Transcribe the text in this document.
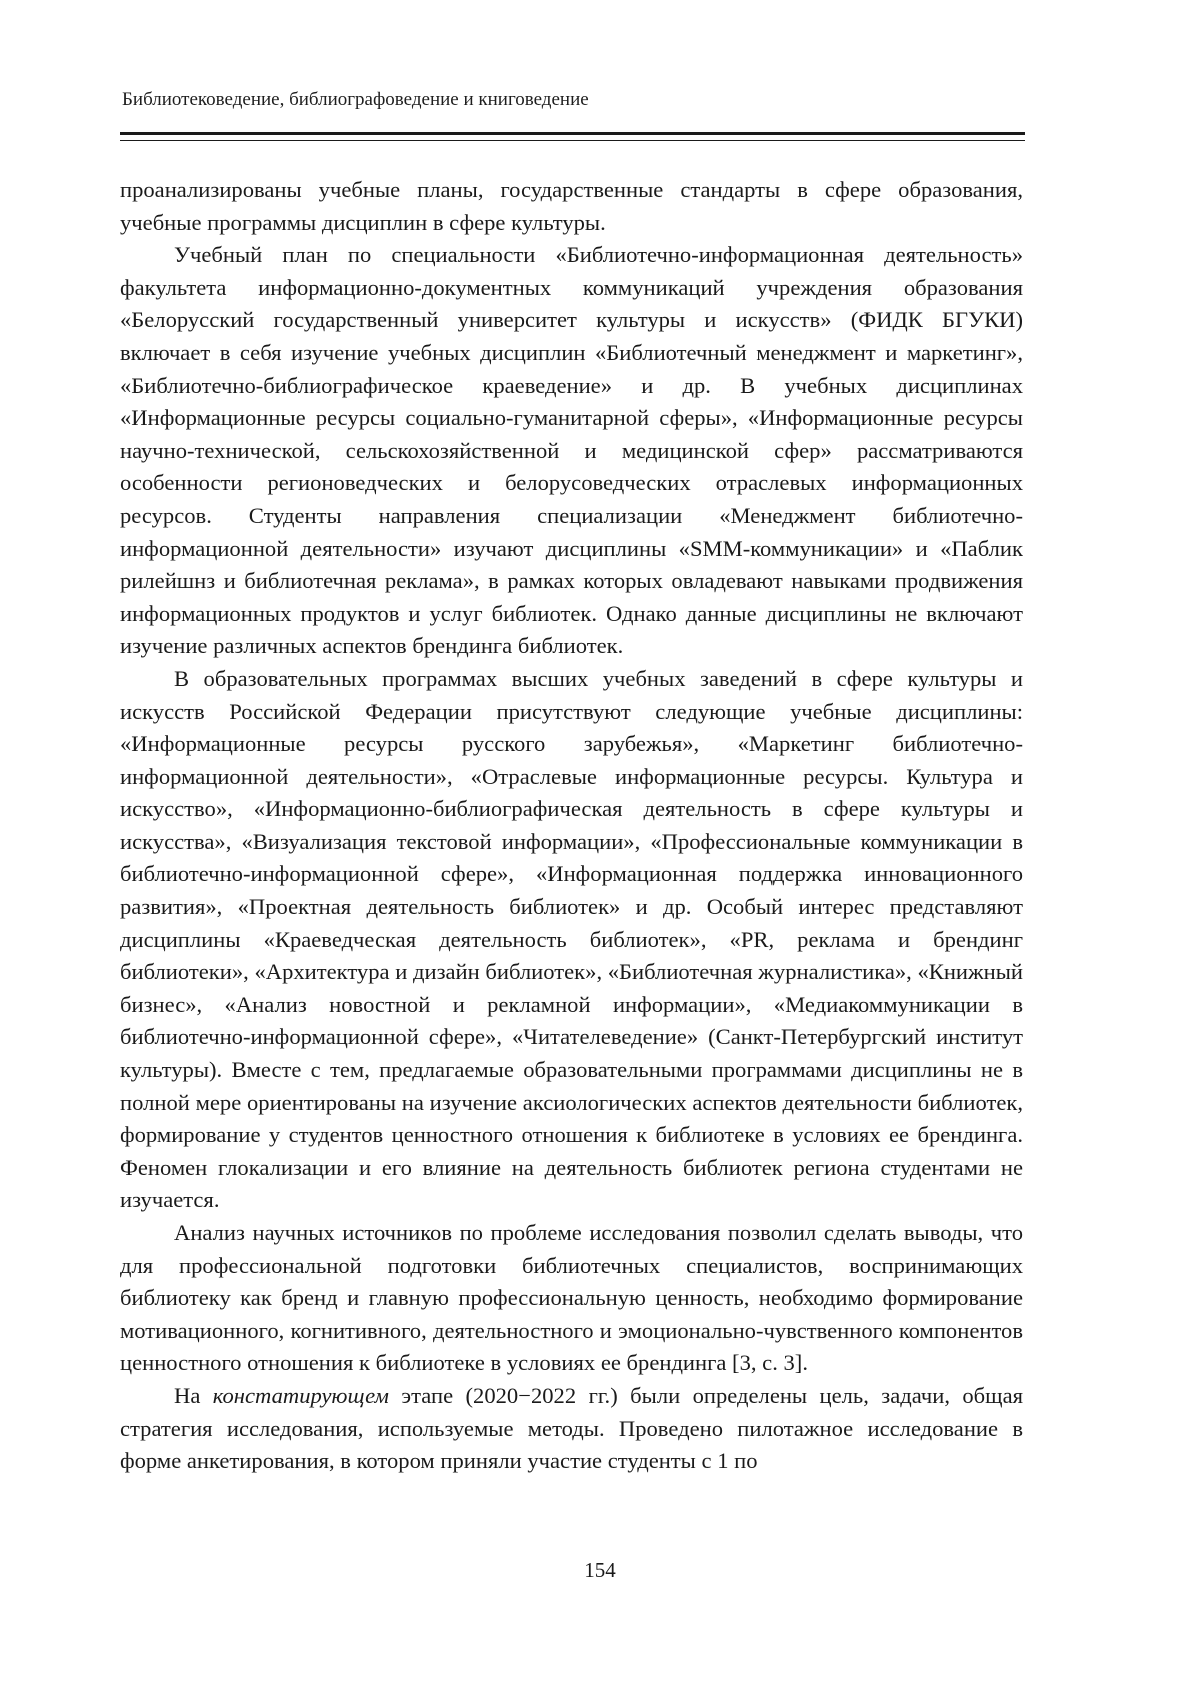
Библиотековедение, библиографоведение и книговедение

проанализированы учебные планы, государственные стандарты в сфере образования, учебные программы дисциплин в сфере культуры.

Учебный план по специальности «Библиотечно-информационная деятельность» факультета информационно-документных коммуникаций учреждения образования «Белорусский государственный университет культуры и искусств» (ФИДК БГУКИ) включает в себя изучение учебных дисциплин «Библиотечный менеджмент и маркетинг», «Библиотечно-библиографическое краеведение» и др. В учебных дисциплинах «Информационные ресурсы социально-гуманитарной сферы», «Информационные ресурсы научно-технической, сельскохозяйственной и медицинской сфер» рассматриваются особенности регионоведческих и белорусоведческих отраслевых информационных ресурсов. Студенты направления специализации «Менеджмент библиотечно-информационной деятельности» изучают дисциплины «SMM-коммуникации» и «Паблик рилейшнз и библиотечная реклама», в рамках которых овладевают навыками продвижения информационных продуктов и услуг библиотек. Однако данные дисциплины не включают изучение различных аспектов брендинга библиотек.

В образовательных программах высших учебных заведений в сфере культуры и искусств Российской Федерации присутствуют следующие учебные дисциплины: «Информационные ресурсы русского зарубежья», «Маркетинг библиотечно-информационной деятельности», «Отраслевые информационные ресурсы. Культура и искусство», «Информационно-библиографическая деятельность в сфере культуры и искусства», «Визуализация текстовой информации», «Профессиональные коммуникации в библиотечно-информационной сфере», «Информационная поддержка инновационного развития», «Проектная деятельность библиотек» и др. Особый интерес представляют дисциплины «Краеведческая деятельность библиотек», «PR, реклама и брендинг библиотеки», «Архитектура и дизайн библиотек», «Библиотечная журналистика», «Книжный бизнес», «Анализ новостной и рекламной информации», «Медиакоммуникации в библиотечно-информационной сфере», «Читателеведение» (Санкт-Петербургский институт культуры). Вместе с тем, предлагаемые образовательными программами дисциплины не в полной мере ориентированы на изучение аксиологических аспектов деятельности библиотек, формирование у студентов ценностного отношения к библиотеке в условиях ее брендинга. Феномен глокализации и его влияние на деятельность библиотек региона студентами не изучается.

Анализ научных источников по проблеме исследования позволил сделать выводы, что для профессиональной подготовки библиотечных специалистов, воспринимающих библиотеку как бренд и главную профессиональную ценность, необходимо формирование мотивационного, когнитивного, деятельностного и эмоционально-чувственного компонентов ценностного отношения к библиотеке в условиях ее брендинга [3, с. 3].

На констатирующем этапе (2020−2022 гг.) были определены цель, задачи, общая стратегия исследования, используемые методы. Проведено пилотажное исследование в форме анкетирования, в котором приняли участие студенты с 1 по

154
